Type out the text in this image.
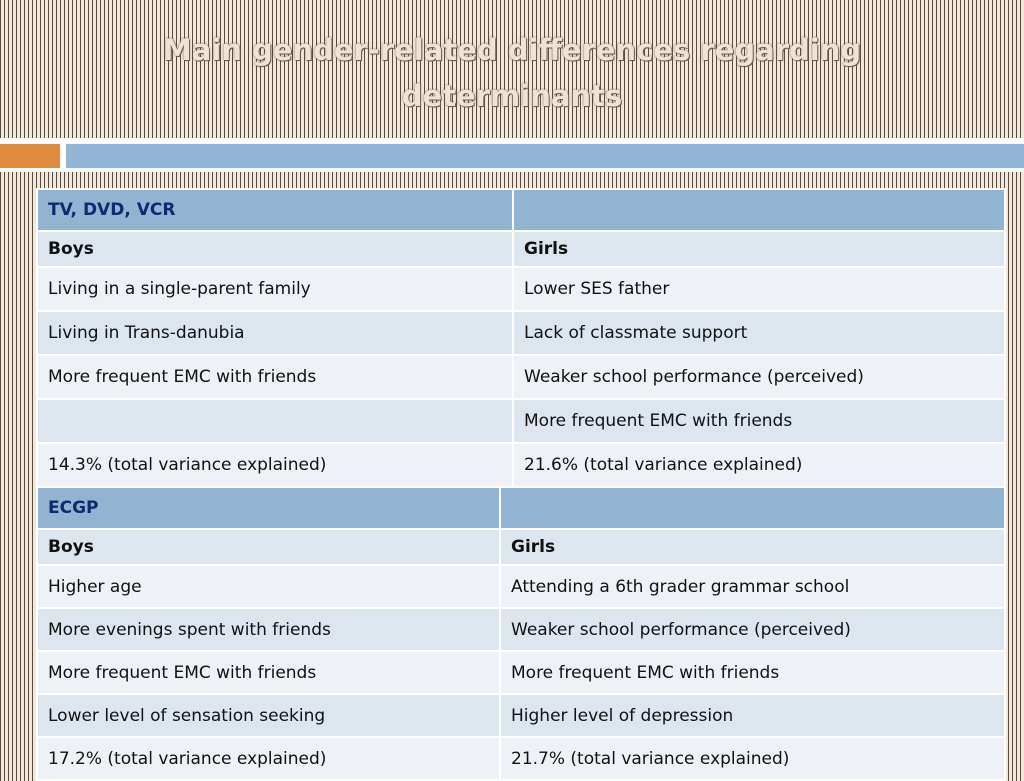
Main gender-related differences regarding
determinants
TV, DVD, VCR	
Boys	Girls
Living in a single-parent family	Lower SES father
Living in Trans-danubia	Lack of classmate support
More frequent EMC with friends	Weaker school performance (perceived)
	More frequent EMC with friends
14.3% (total variance explained)	21.6% (total variance explained)
ECGP	
Boys	Girls
Higher age	Attending a 6th grader grammar school
More evenings spent with friends	Weaker school performance (perceived)
More frequent EMC with friends	More frequent EMC with friends
Lower level of sensation seeking	Higher level of depression
17.2% (total variance explained)	21.7% (total variance explained)
